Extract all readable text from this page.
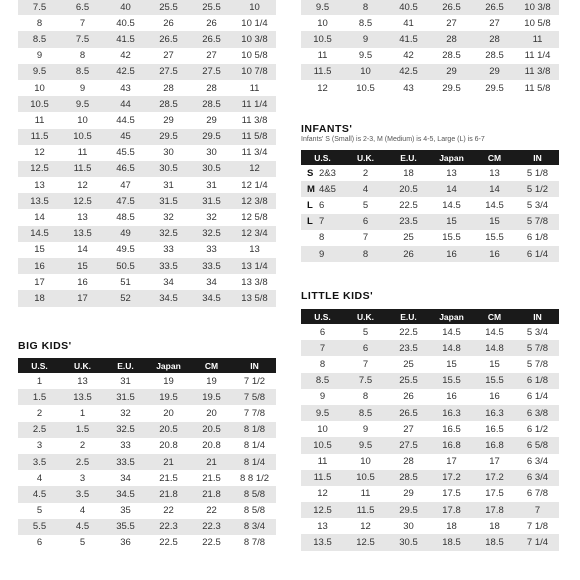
7.5	6.5	40	25.5	25.5	10
8	7	40.5	26	26	10 1/4
8.5	7.5	41.5	26.5	26.5	10 3/8
9	8	42	27	27	10 5/8
9.5	8.5	42.5	27.5	27.5	10 7/8
10	9	43	28	28	11
10.5	9.5	44	28.5	28.5	11 1/4
11	10	44.5	29	29	11 3/8
11.5	10.5	45	29.5	29.5	11 5/8
12	11	45.5	30	30	11 3/4
12.5	11.5	46.5	30.5	30.5	12
13	12	47	31	31	12 1/4
13.5	12.5	47.5	31.5	31.5	12 3/8
14	13	48.5	32	32	12 5/8
14.5	13.5	49	32.5	32.5	12 3/4
15	14	49.5	33	33	13
16	15	50.5	33.5	33.5	13 1/4
17	16	51	34	34	13 3/8
18	17	52	34.5	34.5	13 5/8
9.5	8	40.5	26.5	26.5	10 3/8
10	8.5	41	27	27	10 5/8
10.5	9	41.5	28	28	11
11	9.5	42	28.5	28.5	11 1/4
11.5	10	42.5	29	29	11 3/8
12	10.5	43	29.5	29.5	11 5/8
INFANTS'
Infants' S (Small) is 2-3, M (Medium) is 4-5, Large (L) is 6-7
U.S.	U.K.	E.U.	Japan	CM	IN
S 2&3	2	18	13	13	5 1/8
M 4&5	4	20.5	14	14	5 1/2
L 6	5	22.5	14.5	14.5	5 3/4
L 7	6	23.5	15	15	5 7/8
8	7	25	15.5	15.5	6 1/8
9	8	26	16	16	6 1/4
LITTLE KIDS'
U.S.	U.K.	E.U.	Japan	CM	IN
6	5	22.5	14.5	14.5	5 3/4
7	6	23.5	14.8	14.8	5 7/8
8	7	25	15	15	5 7/8
8.5	7.5	25.5	15.5	15.5	6 1/8
9	8	26	16	16	6 1/4
9.5	8.5	26.5	16.3	16.3	6 3/8
10	9	27	16.5	16.5	6 1/2
10.5	9.5	27.5	16.8	16.8	6 5/8
11	10	28	17	17	6 3/4
11.5	10.5	28.5	17.2	17.2	6 3/4
12	11	29	17.5	17.5	6 7/8
12.5	11.5	29.5	17.8	17.8	7
13	12	30	18	18	7 1/8
13.5	12.5	30.5	18.5	18.5	7 1/4
BIG KIDS'
U.S.	U.K.	E.U.	Japan	CM	IN
1	13	31	19	19	7 1/2
1.5	13.5	31.5	19.5	19.5	7 5/8
2	1	32	20	20	7 7/8
2.5	1.5	32.5	20.5	20.5	8 1/8
3	2	33	20.8	20.8	8 1/4
3.5	2.5	33.5	21	21	8 1/4
4	3	34	21.5	21.5	8 8 1/2
4.5	3.5	34.5	21.8	21.8	8 5/8
5	4	35	22	22	8 5/8
5.5	4.5	35.5	22.3	22.3	8 3/4
6	5	36	22.5	22.5	8 7/8
